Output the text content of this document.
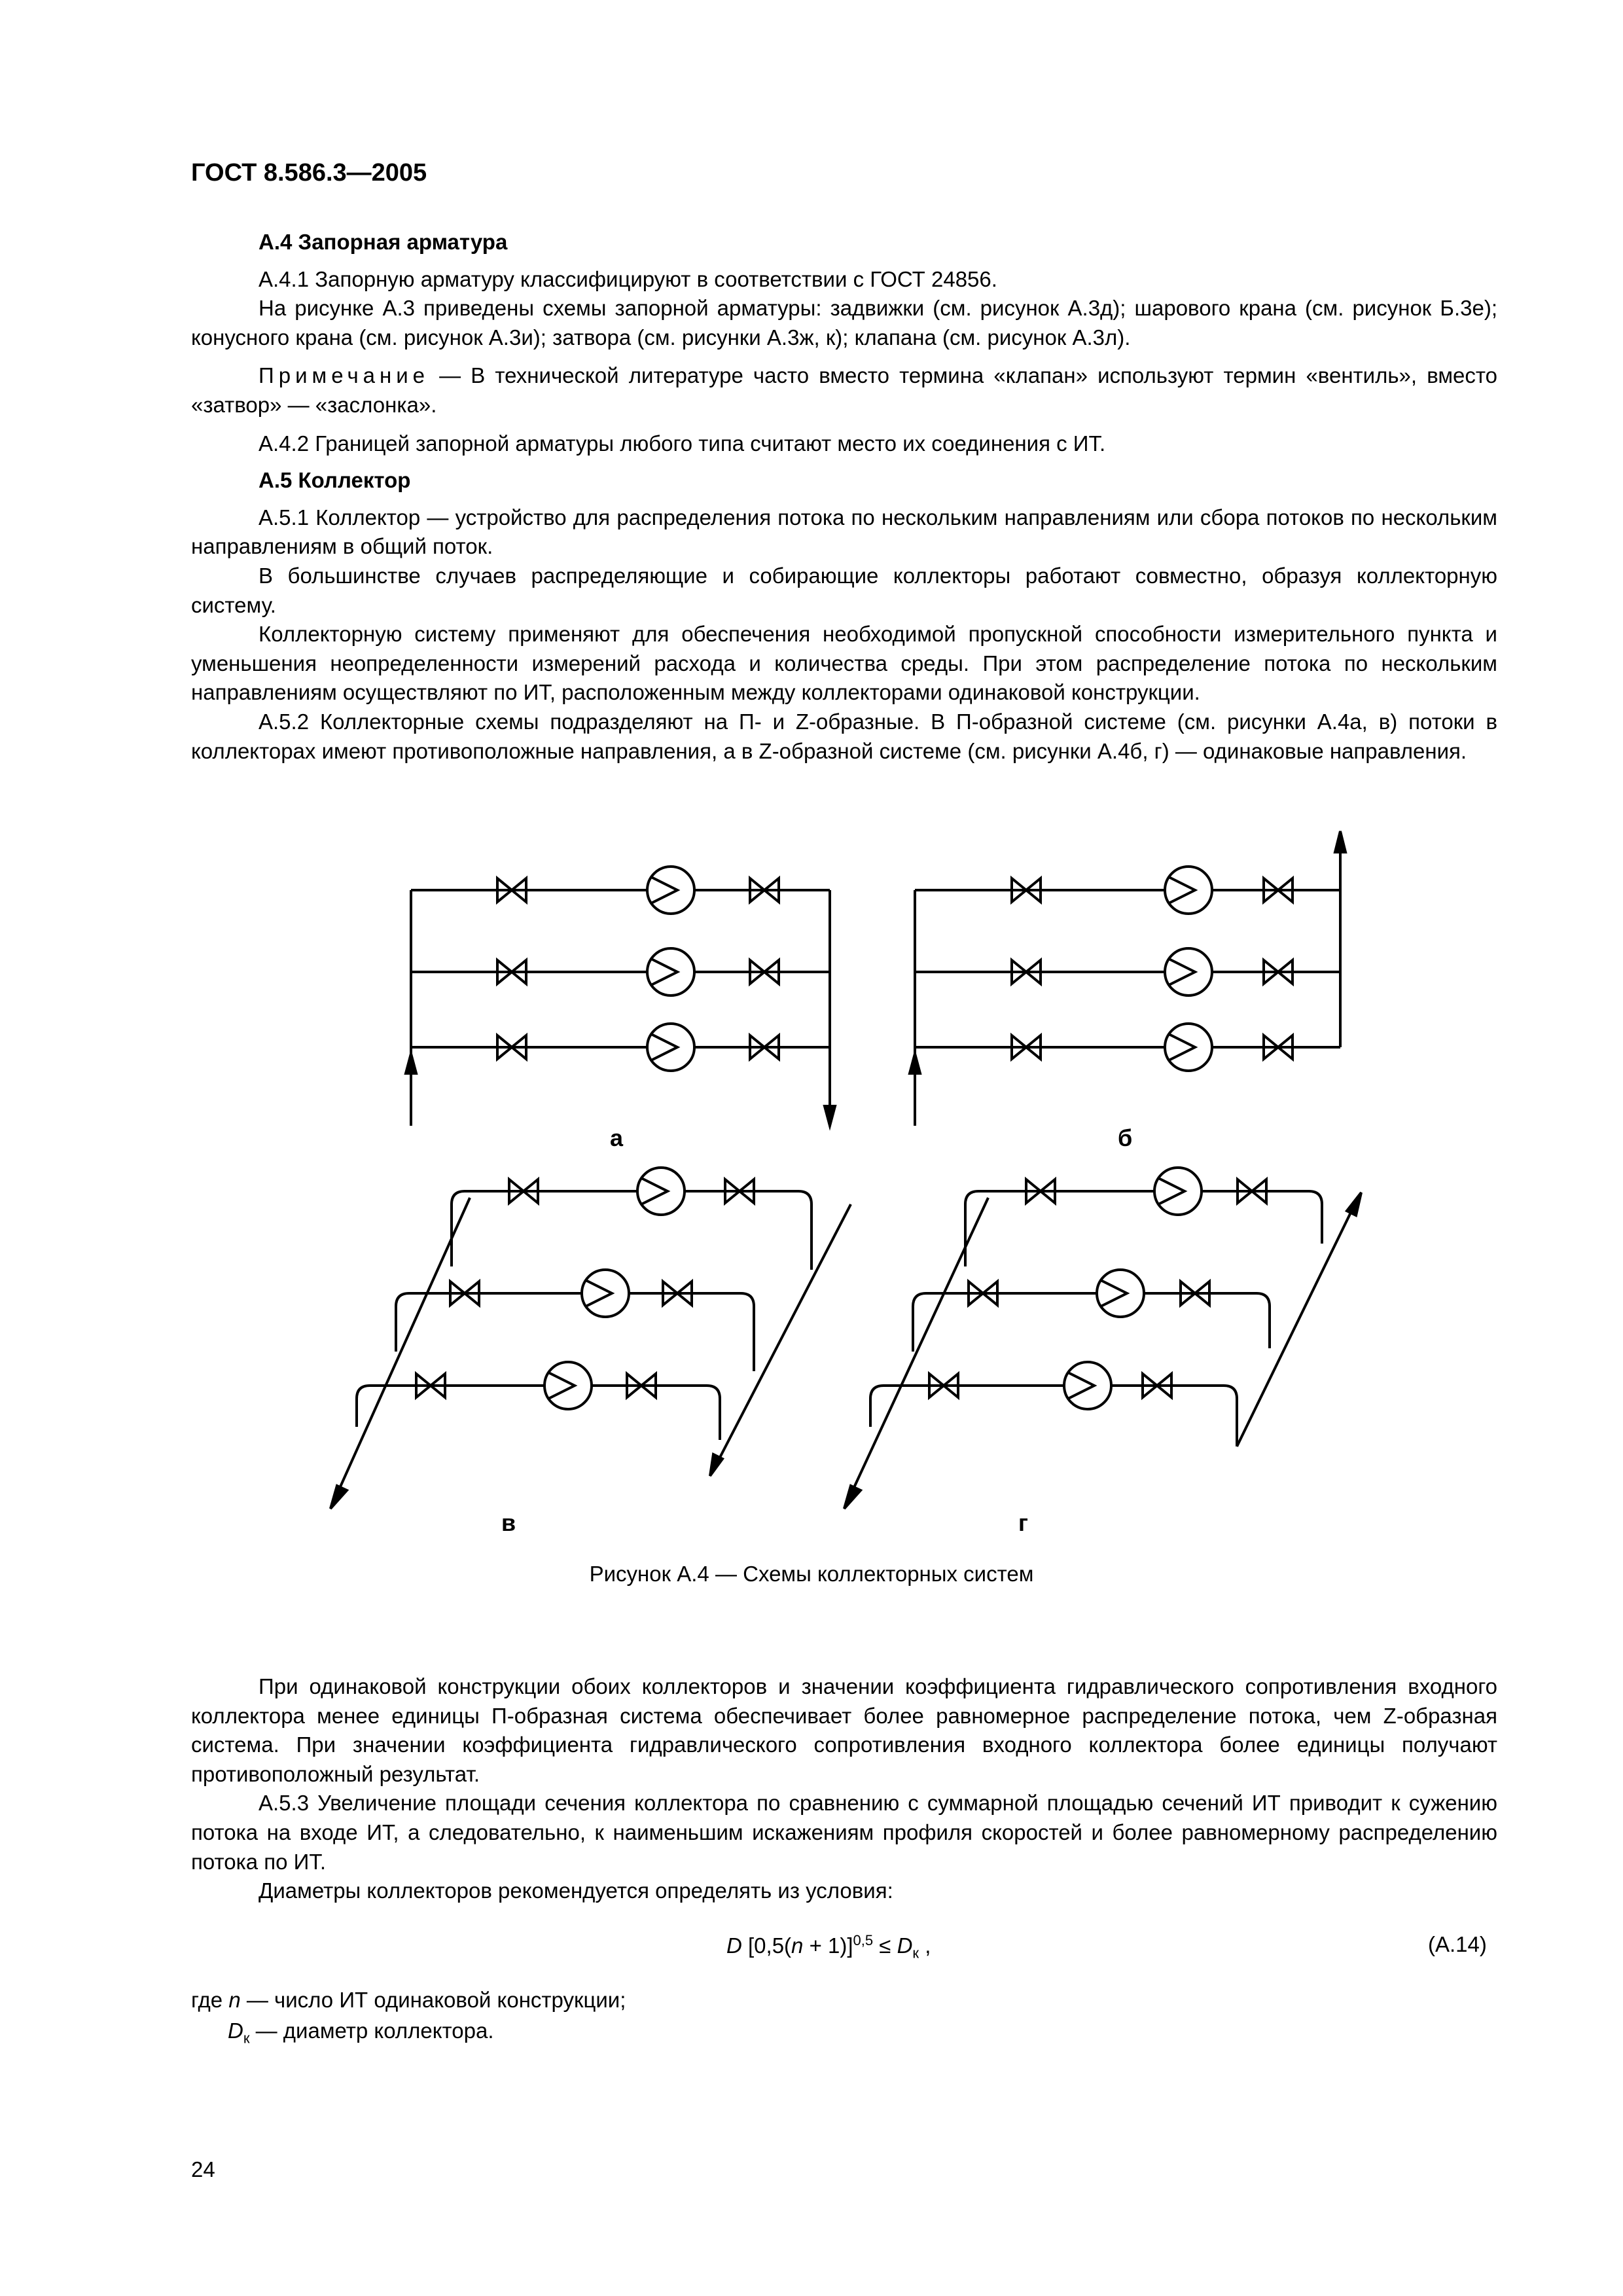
ГОСТ 8.586.3—2005

А.4 Запорная арматура

А.4.1 Запорную арматуру классифицируют в соответствии с ГОСТ 24856.

На рисунке А.3 приведены схемы запорной арматуры: задвижки (см. рисунок А.3д); шарового крана (см. рисунок Б.3е); конусного крана (см. рисунок А.3и); затвора (см. рисунки А.3ж, к); клапана (см. рисунок А.3л).

Примечание — В технической литературе часто вместо термина «клапан» используют термин «вентиль», вместо «затвор» — «заслонка».

А.4.2 Границей запорной арматуры любого типа считают место их соединения с ИТ.

А.5 Коллектор

А.5.1 Коллектор — устройство для распределения потока по нескольким направлениям или сбора потоков по нескольким направлениям в общий поток.

В большинстве случаев распределяющие и собирающие коллекторы работают совместно, образуя коллекторную систему.

Коллекторную систему применяют для обеспечения необходимой пропускной способности измерительного пункта и уменьшения неопределенности измерений расхода и количества среды. При этом распределение потока по нескольким направлениям осуществляют по ИТ, расположенным между коллекторами одинаковой конструкции.

А.5.2 Коллекторные схемы подразделяют на П- и Z-образные. В П-образной системе (см. рисунки А.4а, в) потоки в коллекторах имеют противоположные направления, а в Z-образной системе (см. рисунки А.4б, г) — одинаковые направления.

а	б
в	г
Рисунок А.4 — Схемы коллекторных систем

При одинаковой конструкции обоих коллекторов и значении коэффициента гидравлического сопротивления входного коллектора менее единицы П-образная система обеспечивает более равномерное распределение потока, чем Z-образная система. При значении коэффициента гидравлического сопротивления входного коллектора более единицы получают противоположный результат.

А.5.3 Увеличение площади сечения коллектора по сравнению с суммарной площадью сечений ИТ приводит к сужению потока на входе ИТ, а следовательно, к наименьшим искажениям профиля скоростей и более равномерному распределению потока по ИТ.

Диаметры коллекторов рекомендуется определять из условия:

D $[0,5(n + 1)]^{0,5} \le D_к$ ,	(А.14)
где n — число ИТ одинаковой конструкции;
$D_к$ — диаметр коллектора.
24
